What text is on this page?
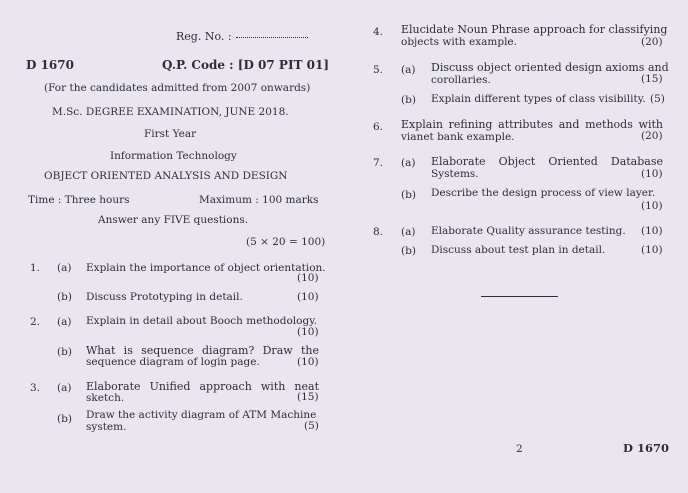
Reg. No. :
D 1670	Q.P. Code : [D 07 PIT 01]
(For the candidates admitted from 2007 onwards)
M.Sc. DEGREE EXAMINATION, JUNE 2018.
First Year
Information Technology
OBJECT ORIENTED ANALYSIS AND DESIGN
Time : Three hours	Maximum : 100 marks
Answer any FIVE questions.
(5 × 20 = 100)
1. (a) Explain the importance of object orientation.
(10)
(b) Discuss Prototyping in detail.	(10)
2. (a) Explain in detail about Booch methodology.
(10)
(b) What is sequence diagram? Draw the
sequence diagram of login page.	(10)
3. (a) Elaborate Unified approach with neat
sketch.	(15)
(b) Draw the activity diagram of ATM Machine
system.	(5)
4. Elucidate Noun Phrase approach for classifying
objects with example.	(20)
5. (a) Discuss object oriented design axioms and
corollaries.	(15)
(b) Explain different types of class visibility. (5)
6. Explain refining attributes and methods with
vianet bank example.	(20)
7. (a) Elaborate Object Oriented Database
Systems.	(10)
(b) Describe the design process of view layer.
(10)
8. (a) Elaborate Quality assurance testing. (10)
(b) Discuss about test plan in detail.	(10)
2	D 1670
